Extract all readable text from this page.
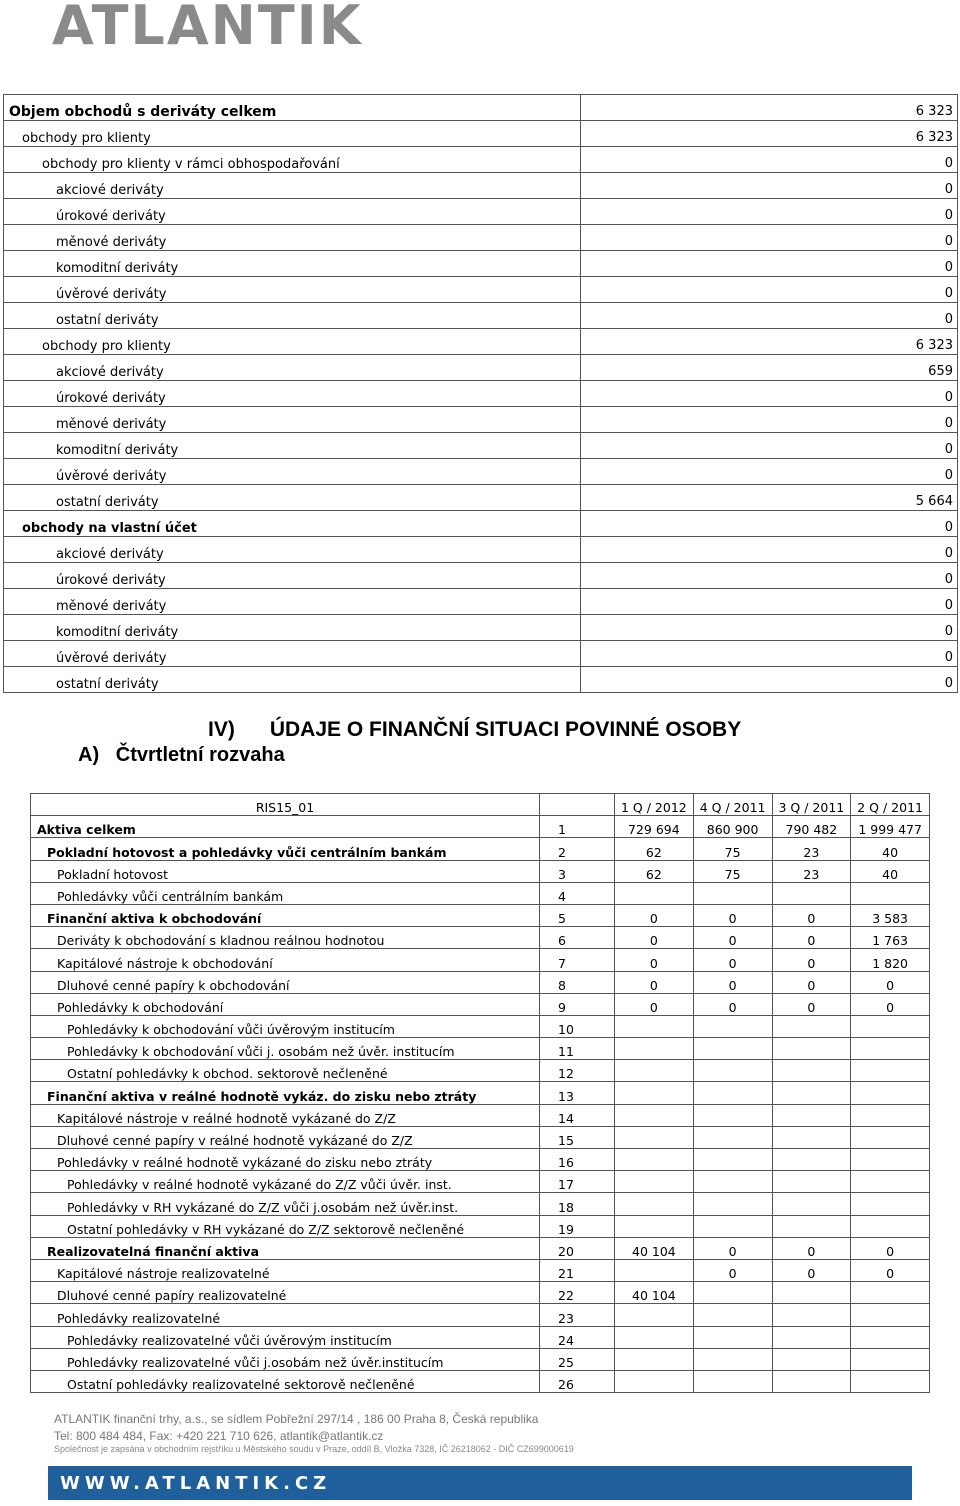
ATLANTIK
Objem obchodů s deriváty celkem	6 323
obchody pro klienty	6 323
obchody pro klienty v rámci obhospodařování	0
akciové deriváty	0
úrokové deriváty	0
měnové deriváty	0
komoditní deriváty	0
úvěrové deriváty	0
ostatní deriváty	0
obchody pro klienty	6 323
akciové deriváty	659
úrokové deriváty	0
měnové deriváty	0
komoditní deriváty	0
úvěrové deriváty	0
ostatní deriváty	5 664
obchody na vlastní účet	0
akciové deriváty	0
úrokové deriváty	0
měnové deriváty	0
komoditní deriváty	0
úvěrové deriváty	0
ostatní deriváty	0
IV)      ÚDAJE O FINANČNÍ SITUACI POVINNÉ OSOBY
A)   Čtvrtletní rozvaha
RIS15_01		1 Q / 2012	4 Q / 2011	3 Q / 2011	2 Q / 2011
Aktiva celkem	1	729 694	860 900	790 482	1 999 477
Pokladní hotovost a pohledávky vůči centrálním bankám	2	62	75	23	40
Pokladní hotovost	3	62	75	23	40
Pohledávky vůči centrálním bankám	4				
Finanční aktiva k obchodování	5	0	0	0	3 583
Deriváty k obchodování s kladnou reálnou hodnotou	6	0	0	0	1 763
Kapitálové nástroje k obchodování	7	0	0	0	1 820
Dluhové cenné papíry k obchodování	8	0	0	0	0
Pohledávky k obchodování	9	0	0	0	0
Pohledávky k obchodování vůči úvěrovým institucím	10				
Pohledávky k obchodování vůči j. osobám než úvěr. institucím	11				
Ostatní pohledávky k obchod. sektorově nečleněné	12				
Finanční aktiva v reálné hodnotě vykáz. do zisku nebo ztráty	13				
Kapitálové nástroje v reálné hodnotě vykázané do Z/Z	14				
Dluhové cenné papíry v reálné hodnotě vykázané do Z/Z	15				
Pohledávky v reálné hodnotě vykázané do zisku nebo ztráty	16				
Pohledávky v reálné hodnotě vykázané do Z/Z vůči úvěr. inst.	17				
Pohledávky v RH vykázané do Z/Z vůči j.osobám než úvěr.inst.	18				
Ostatní pohledávky v RH vykázané do Z/Z sektorově nečleněné	19				
Realizovatelná finanční aktiva	20	40 104	0	0	0
Kapitálové nástroje realizovatelné	21		0	0	0
Dluhové cenné papíry realizovatelné	22	40 104			
Pohledávky realizovatelné	23				
Pohledávky realizovatelné vůči úvěrovým institucím	24				
Pohledávky realizovatelné vůči j.osobám než úvěr.institucím	25				
Ostatní pohledávky realizovatelné sektorově nečleněné	26				
ATLANTIK finanční trhy, a.s., se sídlem Pobřežní 297/14 , 186 00 Praha 8, Česká republika
Tel: 800 484 484, Fax: +420 221 710 626, atlantik@atlantik.cz
Společnost je zapsána v obchodním rejstříku u Městského soudu v Praze, oddíl B, Vložka 7328, IČ 26218062 - DIČ CZ699000619
WWW.ATLANTIK.CZ
